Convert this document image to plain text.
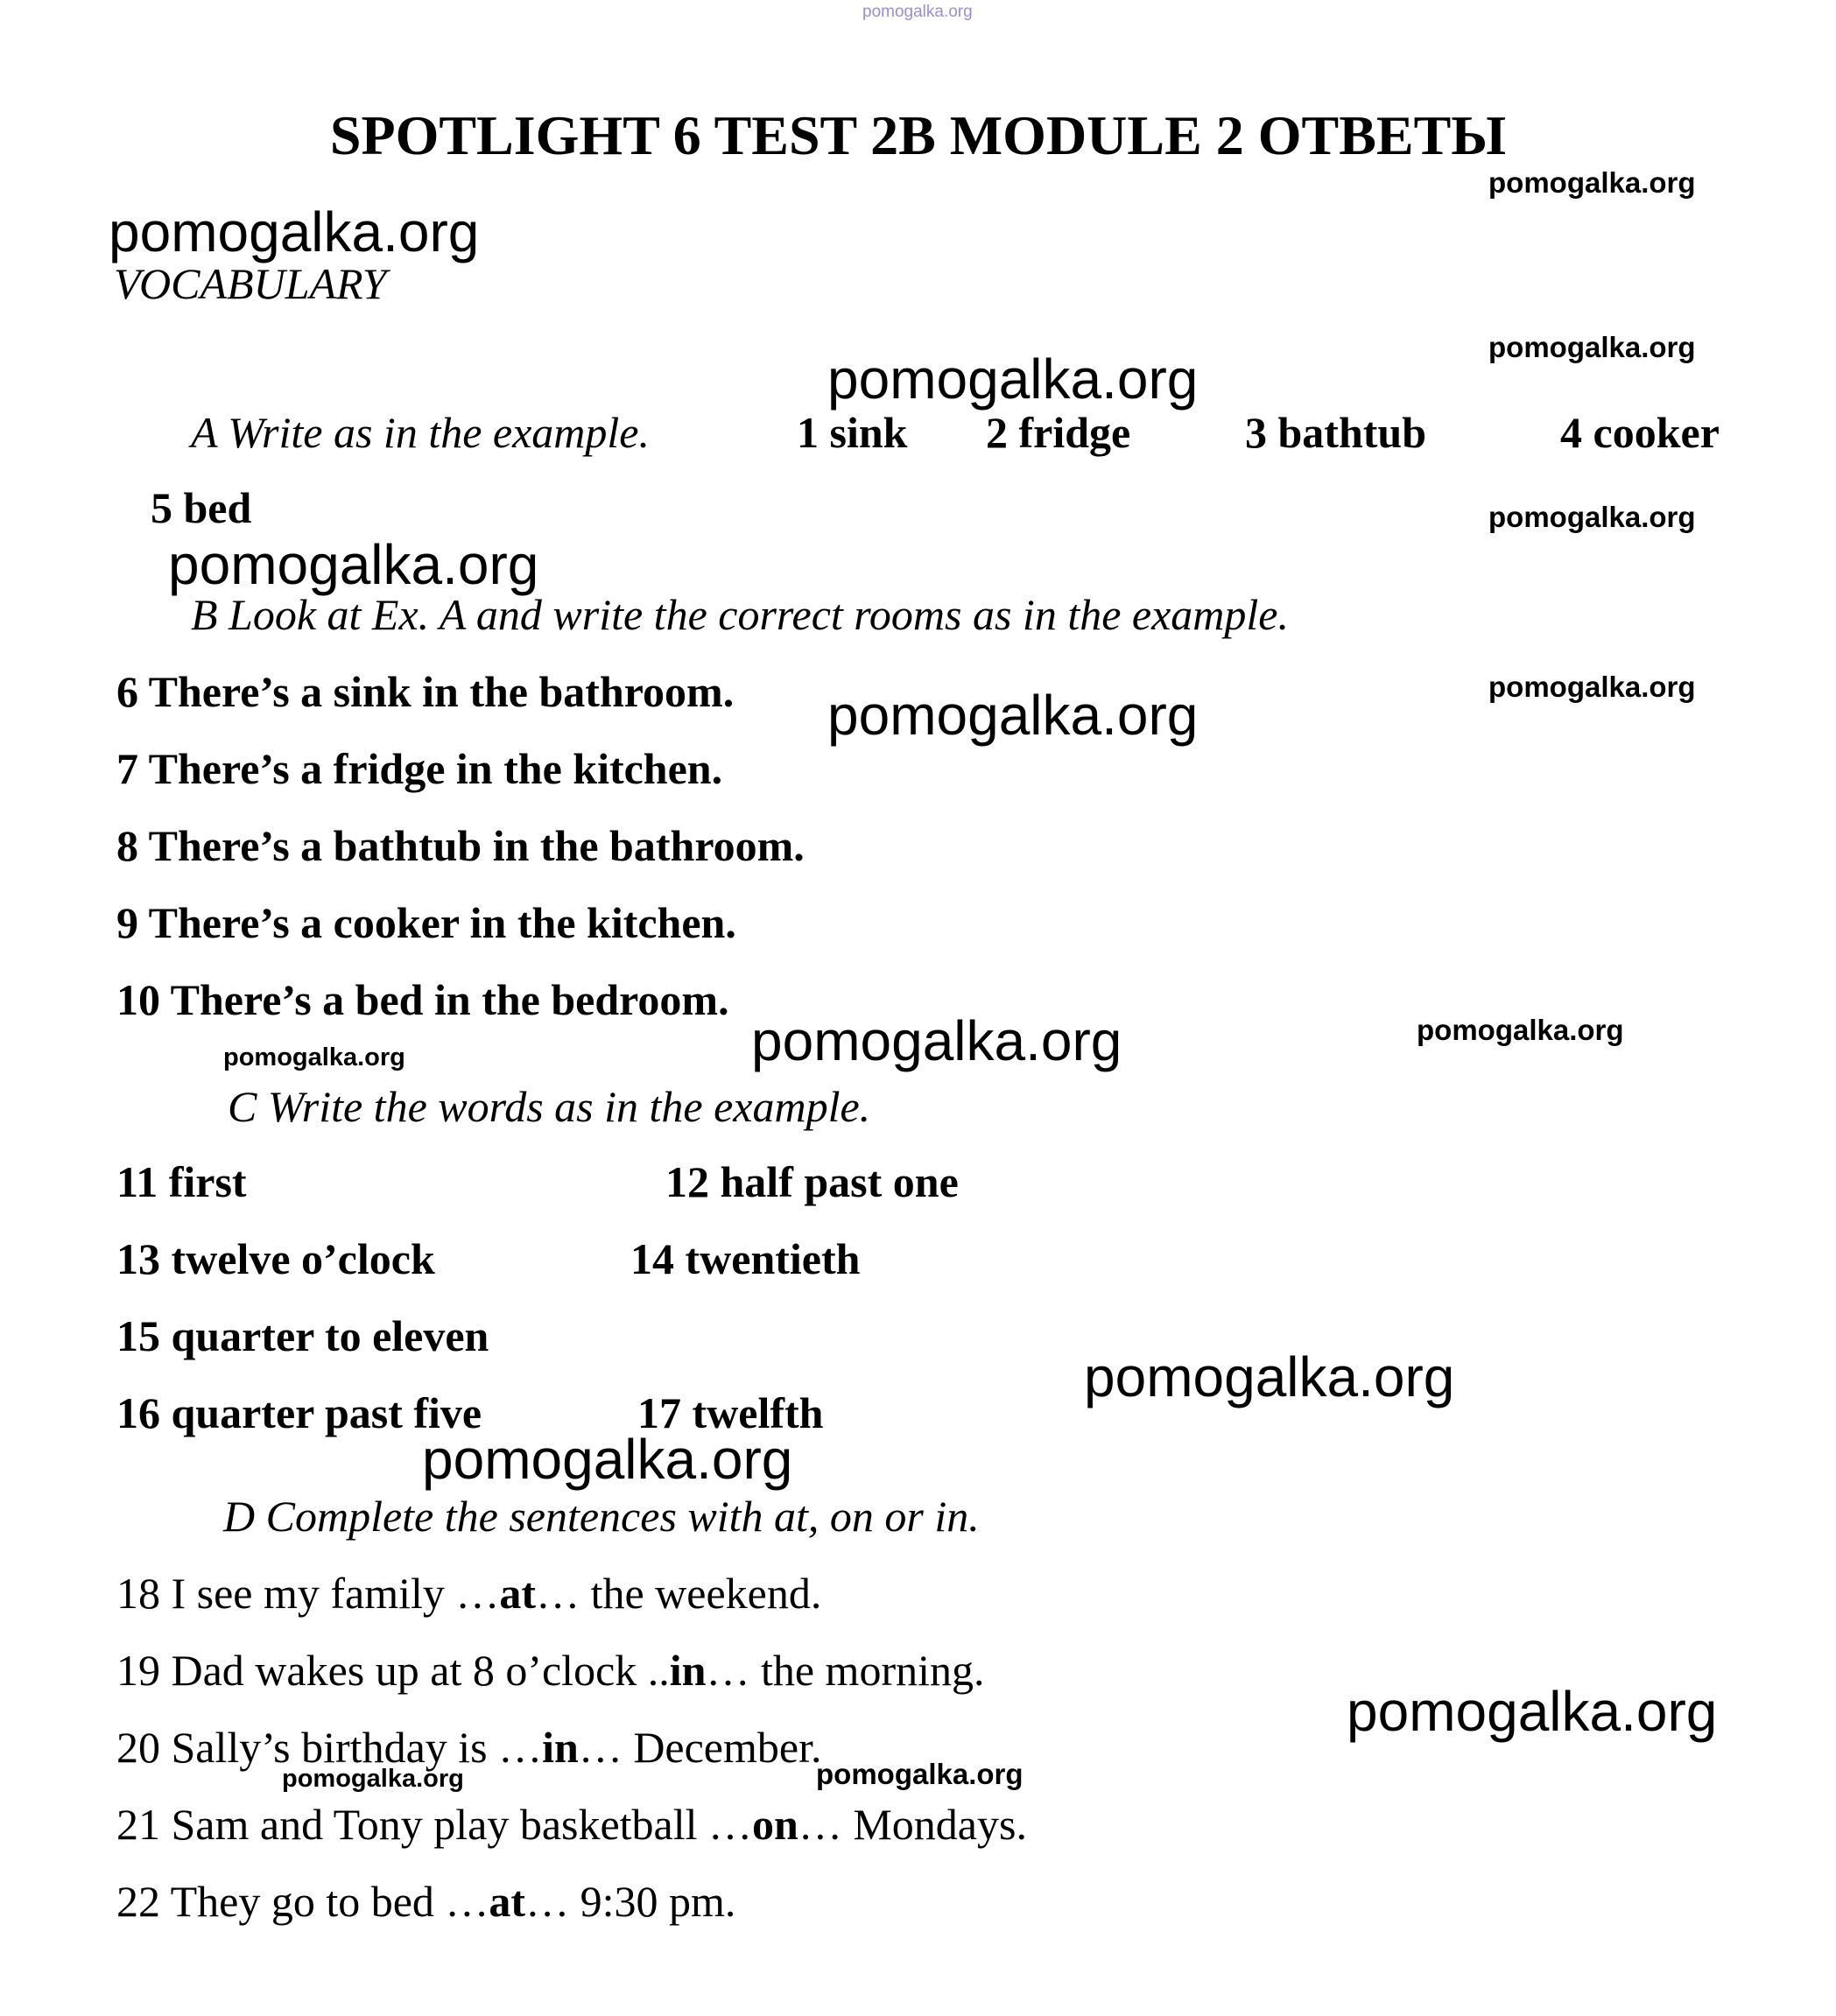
pomogalka.org
pomogalka.org
pomogalka.org
pomogalka.org
pomogalka.org
pomogalka.org
pomogalka.org
pomogalka.org	pomogalka.org
pomogalka.org	pomogalka.org	pomogalka.org
pomogalka.org
pomogalka.org
pomogalka.org
pomogalka.org	pomogalka.org
SPOTLIGHT 6 TEST 2B MODULE 2 ОТВЕТЫ
VOCABULARY
A Write as in the example.	1 sink 2 fridge	3 bathtub	4 cooker
5 bed
B Look at Ex. A and write the correct rooms as in the example.
6 There’s a sink in the bathroom.
7 There’s a fridge in the kitchen.
8 There’s a bathtub in the bathroom.
9 There’s a cooker in the kitchen.
10 There’s a bed in the bedroom.
C Write the words as in the example.
11 first	12 half past one
13 twelve o’clock	14 twentieth
15 quarter to eleven
16 quarter past five	17 twelfth
D Complete the sentences with at, on or in.
18 I see my family …at… the weekend.
19 Dad wakes up at 8 o’clock ..in… the morning.
20 Sally’s birthday is …in… December.
21 Sam and Tony play basketball …on… Mondays.
22 They go to bed …at… 9:30 pm.
